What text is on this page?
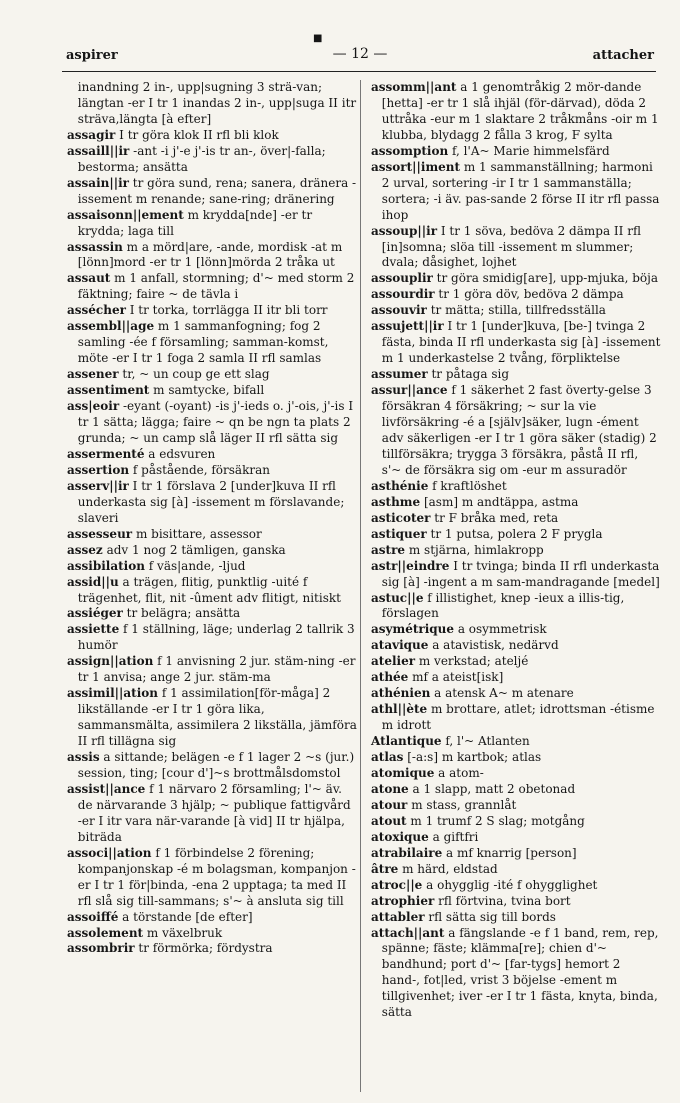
■
aspirer	— 12 —	attacher
inandning 2 in-, upp|sugning 3 strä-van; längtan -er I tr 1 inandas 2 in-, upp|suga II itr sträva,längta [à efter]
assagir I tr göra klok II rfl bli klok
assaill||ir -ant -i j'-e j'-is tr an-, över|-falla; bestorma; ansätta
assain||ir tr göra sund, rena; sanera, dränera -issement m renande; sane-ring; dränering
assaisonn||ement m krydda[nde] -er tr krydda; laga till
assassin m a mörd|are, -ande, mordisk -at m [lönn]mord -er tr 1 [lönn]mörda 2 tråka ut
assaut m 1 anfall, stormning; d'~ med storm 2 fäktning; faire ~ de tävla i
asséc‌her I tr torka, torrlägga II itr bli torr
assembl||age m 1 sammanfogning; fog 2 samling -ée f församling; samman-komst, möte -er I tr 1 foga 2 samla II rfl samlas
assener tr, ~ un coup ge ett slag
assentiment m samtycke, bifall
ass|eoir -eyant (-oyant) -is j'-ieds o. j'-ois, j'-is I tr 1 sätta; lägga; faire ~ qn be ngn ta plats 2 grunda; ~ un camp slå läger II rfl sätta sig
assermenté a edsvuren
assertion f påstående, försäkran
asserv||ir I tr 1 förslava 2 [under]kuva II rfl underkasta sig [à] -issement m förslavande; slaveri
assesseur m bisittare, assessor
assez adv 1 nog 2 tämligen, ganska
assibilation f väs|ande, -ljud
assid||u a trägen, flitig, punktlig -uité f trägenhet, flit, nit -ûment adv flitigt, nitiskt
assiéger tr belägra; ansätta
assiette f 1 ställning, läge; underlag 2 tallrik 3 humör
assign||ation f 1 anvisning 2 jur. stäm-ning -er tr 1 anvisa; ange 2 jur. stäm-ma
assimil||ation f 1 assimilation[för-måga] 2 likställande -er I tr 1 göra lika, sammansmälta, assimilera 2 likställa, jämföra II rfl tillägna sig
assis a sittande; belägen -e f 1 lager 2 ~s (jur.) session, ting; [cour d']~s brottmålsdomstol
assist||ance f 1 närvaro 2 församling; l'~ äv. de närvarande 3 hjälp; ~ publique fattigvård -er I itr vara när-varande [à vid] II tr hjälpa, biträda
associ||ation f 1 förbindelse 2 förening; kompanjonskap -é m bolagsman, kompanjon -er I tr 1 för|binda, -ena 2 upptaga; ta med II rfl slå sig till-sammans; s'~ à ansluta sig till
assoiffé a törstande [de efter]
assolement m växelbruk
assombrir tr förmörka; fördystra
assomm||ant a 1 genomtråkig 2 mör-dande [hetta] -er tr 1 slå ihjäl (för-därvad), döda 2 uttråka -eur m 1 slaktare 2 tråkmåns -oir m 1 klubba, blydagg 2 fålla 3 krog, F sylta
assomption f, l'A~ Marie himmelsfärd
assort||iment m 1 sammanställning; harmoni 2 urval, sortering -ir I tr 1 sammanställa; sortera; -i äv. pas-sande 2 förse II itr rfl passa ihop
assoup||ir I tr 1 söva, bedöva 2 dämpa II rfl [in]somna; slöa till -issement m slummer; dvala; dåsighet, lojhet
assouplir tr göra smidig[are], upp-mjuka, böja
assourdir tr 1 göra döv, bedöva 2 dämpa
assouvir tr mätta; stilla, tillfredsställa
assujett||ir I tr 1 [under]kuva, [be-] tvinga 2 fästa, binda II rfl underkasta sig [à] -issement m 1 underkastelse 2 tvång, förpliktelse
assumer tr påtaga sig
assur||ance f 1 säkerhet 2 fast överty-gelse 3 försäkran 4 försäkring; ~ sur la vie livförsäkring -é a [själv]säker, lugn -ément adv säkerligen -er I tr 1 göra säker (stadig) 2 tillförsäkra; trygga 3 försäkra, påstå II rfl, s'~ de försäkra sig om -eur m assuradör
asthénie f kraftlöshet
asthme [asm] m andtäppa, astma
asticoter tr F bråka med, reta
astiquer tr 1 putsa, polera 2 F prygla
astre m stjärna, himlakropp
astr||eindre I tr tvinga; binda II rfl underkasta sig [à] -ingent a m sam-mandragande [medel]
astuc||e f illistighet, knep -ieux a illis-tig, förslagen
asymétrique a osymmetrisk
atavique a atavistisk, nedärvd
atelier m verkstad; ateljé
athée mf a ateist[isk]
athénien a atensk A~ m atenare
athl||ète m brottare, atlet; idrottsman -étisme m idrott
Atlantique f, l'~ Atlanten
atlas [-a:s] m kartbok; atlas
atomique a atom-
atone a 1 slapp, matt 2 obetonad
atour m stass, grannlåt
atout m 1 trumf 2 S slag; motgång
atoxique a giftfri
atrabilaire a mf knarrig [person]
âtre m härd, eldstad
atroc||e a ohygglig -ité f ohygglighet
atrophier rfl förtvina, tvina bort
attabler rfl sätta sig till bords
attach||ant a fängslande -e f 1 band, rem, rep, spänne; fäste; klämma[re]; chien d'~ bandhund; port d'~ [far-tygs] hemort 2 hand-, fot|led, vrist 3 böjelse -ement m tillgivenhet; iver -er I tr 1 fästa, knyta, binda, sätta
